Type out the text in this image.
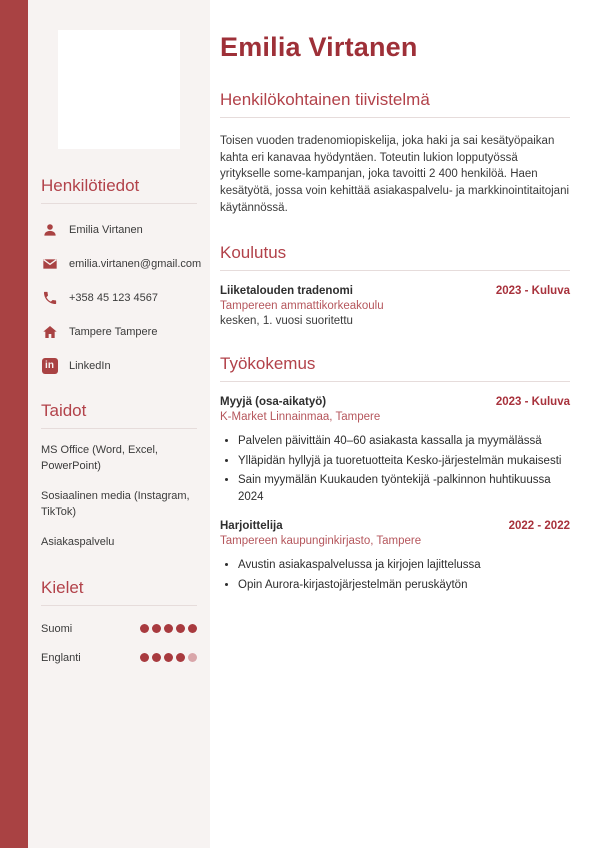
Henkilötiedot
Emilia Virtanen
emilia.virtanen@gmail.com
+358 45 123 4567
Tampere Tampere
in	LinkedIn
Taidot
MS Office (Word, Excel, PowerPoint)
Sosiaalinen media (Instagram, TikTok)
Asiakaspalvelu
Kielet
Suomi
Englanti
Emilia Virtanen
Henkilökohtainen tiivistelmä

Toisen vuoden tradenomiopiskelija, joka haki ja sai kesätyöpaikan kahta eri kanavaa hyödyntäen. Toteutin lukion lopputyössä yritykselle some-kampanjan, joka tavoitti 2 400 henkilöä. Haen kesätyötä, jossa voin kehittää asiakaspalvelu- ja markkinointitaitojani käytännössä.

Koulutus
Liiketalouden tradenomi	2023 - Kuluva
Tampereen ammattikorkeakoulu
kesken, 1. vuosi suoritettu
Työkokemus
Myyjä (osa-aikatyö)	2023 - Kuluva
K-Market Linnainmaa, Tampere
• Palvelen päivittäin 40–60 asiakasta kassalla ja myymälässä
• Ylläpidän hyllyjä ja tuoretuotteita Kesko-järjestelmän mukaisesti
• Sain myymälän Kuukauden työntekijä -palkinnon huhtikuussa 2024
Harjoittelija	2022 - 2022
Tampereen kaupunginkirjasto, Tampere
• Avustin asiakaspalvelussa ja kirjojen lajittelussa
• Opin Aurora-kirjastojärjestelmän peruskäytön
